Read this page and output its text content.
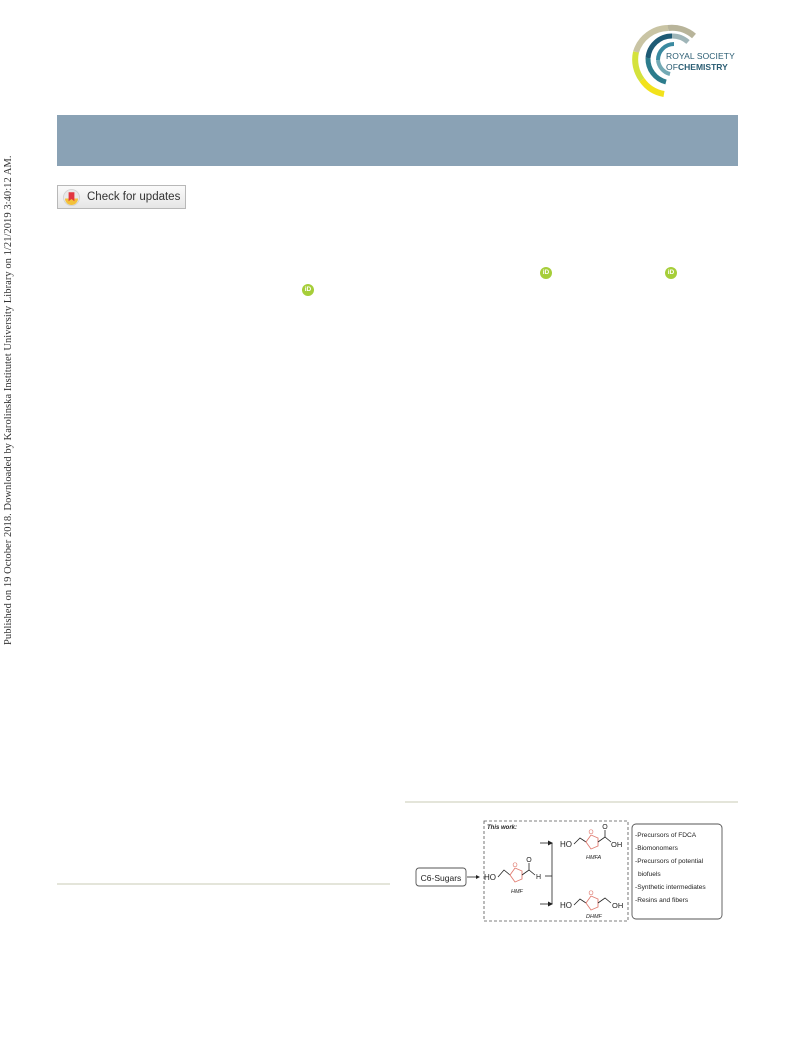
Published on 19 October 2018. Downloaded by Karolinska Institutet University Library on 1/21/2019 3:40:12 AM.
ROYAL SOCIETY
OFCHEMISTRY
Check for updates
iD	iD
iD
C6-Sugars
This work:
HO
O
O
H
HMF
HO
O
O
OH
HMFA
HO
O
OH
DHMF
-Precursors of FDCA
-Biomonomers
-Precursors of potential
biofuels
-Synthetic intermediates
-Resins and fibers
